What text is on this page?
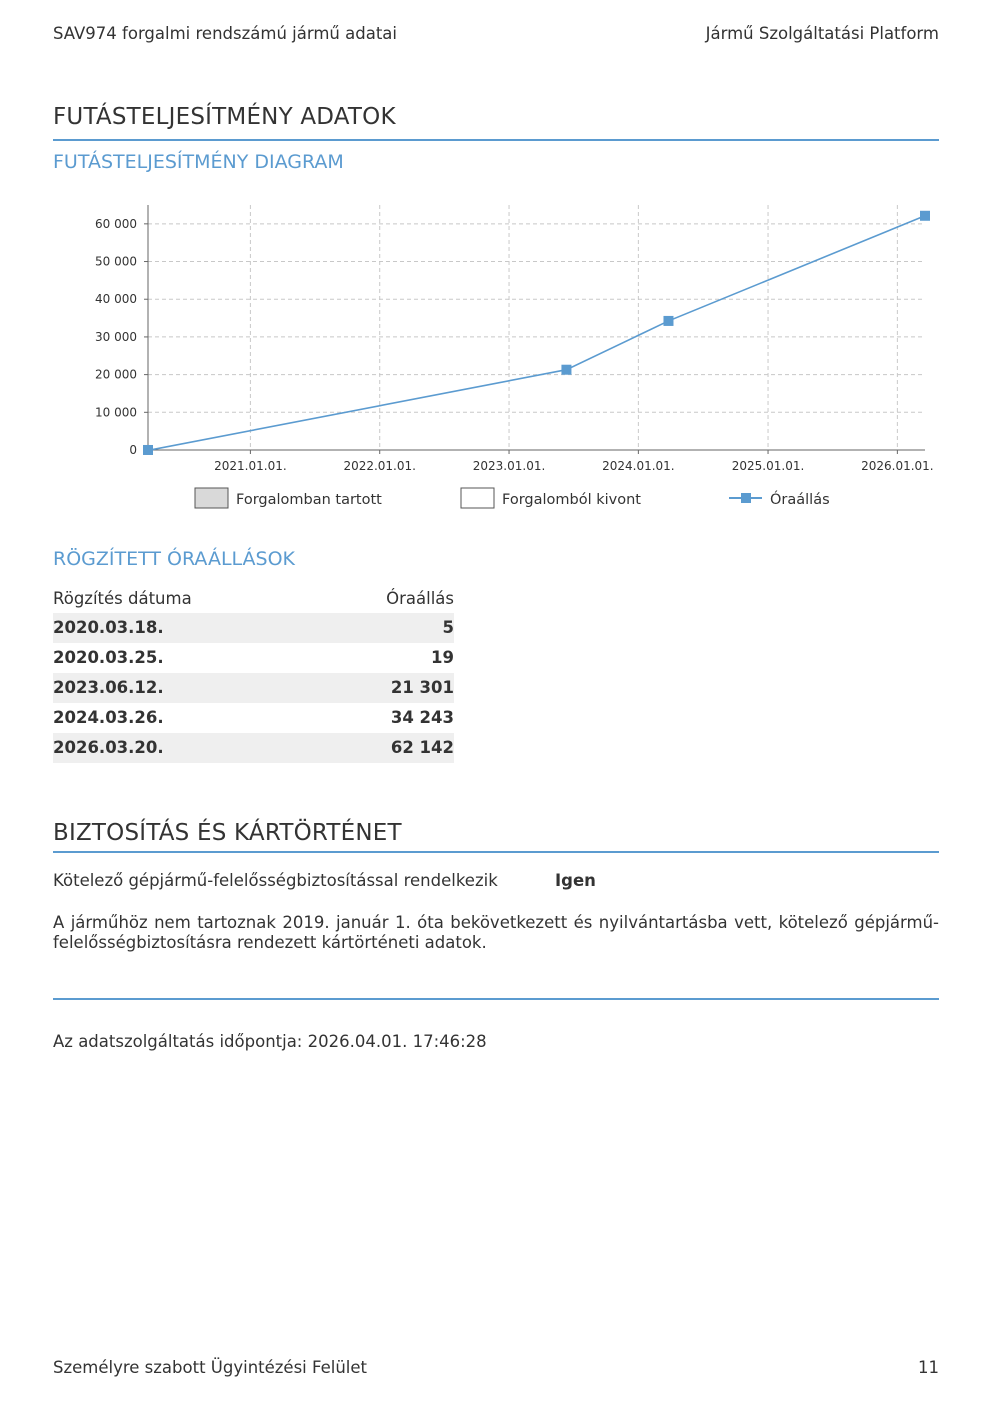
SAV974 forgalmi rendszámú jármű adatai	Jármű Szolgáltatási Platform
FUTÁSTELJESÍTMÉNY ADATOK
FUTÁSTELJESÍTMÉNY DIAGRAM
0
10 000
20 000
30 000
40 000
50 000
60 000
2021.01.01.	2022.01.01.	2023.01.01.	2024.01.01.	2025.01.01.	2026.01.01.
Forgalomban tartott	Forgalomból kivont	Óraállás
RÖGZÍTETT ÓRAÁLLÁSOK
Rögzítés dátuma	Óraállás
2020.03.18.	5
2020.03.25.	19
2023.06.12.	21 301
2024.03.26.	34 243
2026.03.20.	62 142
BIZTOSÍTÁS ÉS KÁRTÖRTÉNET
Kötelező gépjármű-felelősségbiztosítással rendelkezik	Igen
A járműhöz nem tartoznak 2019. január 1. óta bekövetkezett és nyilvántartásba vett, kötelező gépjármű-felelősségbiztosításra rendezett kártörténeti adatok.
Az adatszolgáltatás időpontja: 2026.04.01. 17:46:28
Személyre szabott Ügyintézési Felület	11
